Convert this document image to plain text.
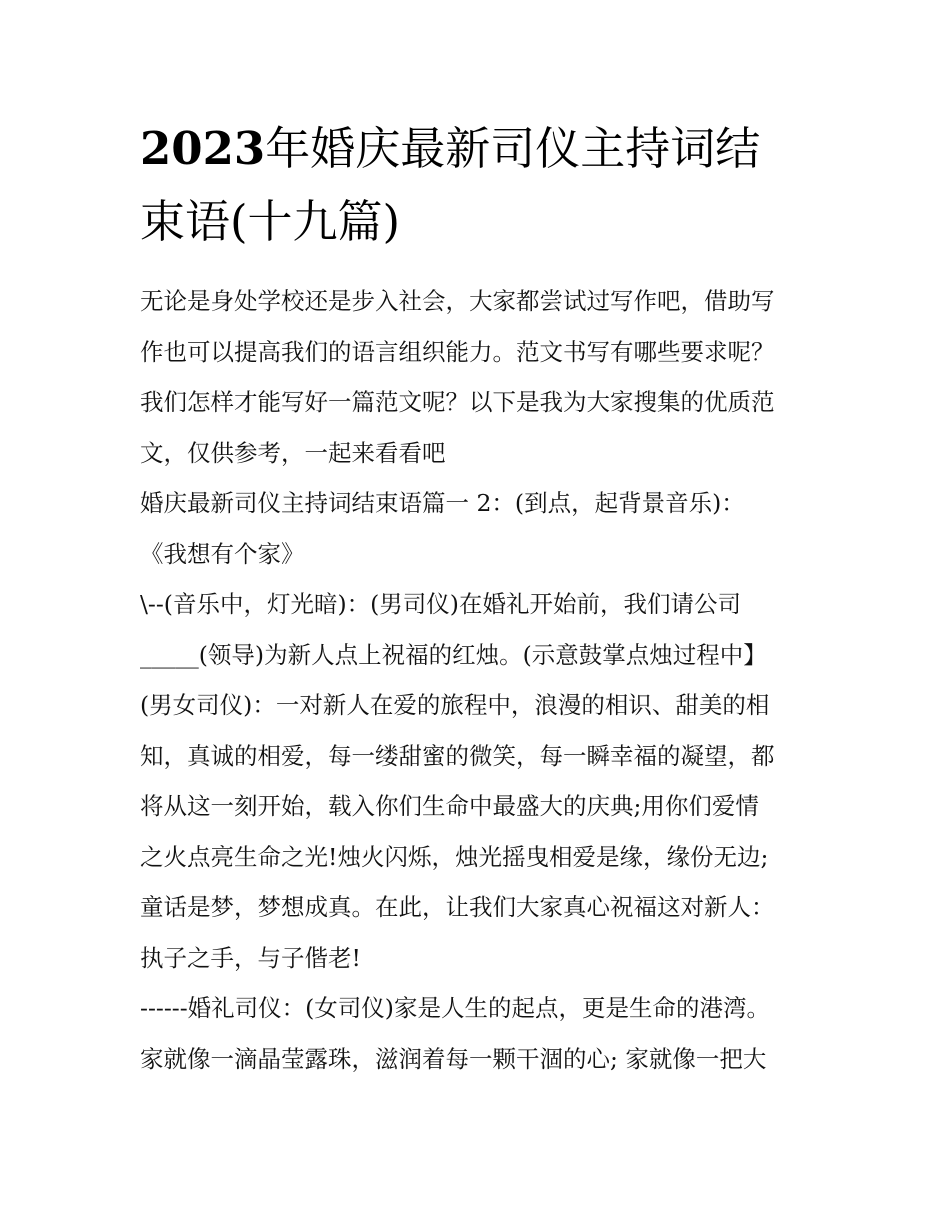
2023年婚庆最新司仪主持词结
束语(十九篇)
无论是身处学校还是步入社会，大家都尝试过写作吧，借助写
作也可以提高我们的语言组织能力。范文书写有哪些要求呢？
我们怎样才能写好一篇范文呢？以下是我为大家搜集的优质范
文，仅供参考，一起来看看吧
婚庆最新司仪主持词结束语篇一 2：(到点，起背景音乐)：
《我想有个家》
\--(音乐中，灯光暗)：(男司仪)在婚礼开始前，我们请公司
_____(领导)为新人点上祝福的红烛。(示意鼓掌点烛过程中】
(男女司仪)：一对新人在爱的旅程中，浪漫的相识、甜美的相
知，真诚的相爱，每一缕甜蜜的微笑，每一瞬幸福的凝望，都
将从这一刻开始，载入你们生命中最盛大的庆典;用你们爱情
之火点亮生命之光!烛火闪烁，烛光摇曳相爱是缘，缘份无边;
童话是梦，梦想成真。在此，让我们大家真心祝福这对新人：
执子之手，与子偕老!
------婚礼司仪：(女司仪)家是人生的起点，更是生命的港湾。
家就像一滴晶莹露珠，滋润着每一颗干涸的心; 家就像一把大
